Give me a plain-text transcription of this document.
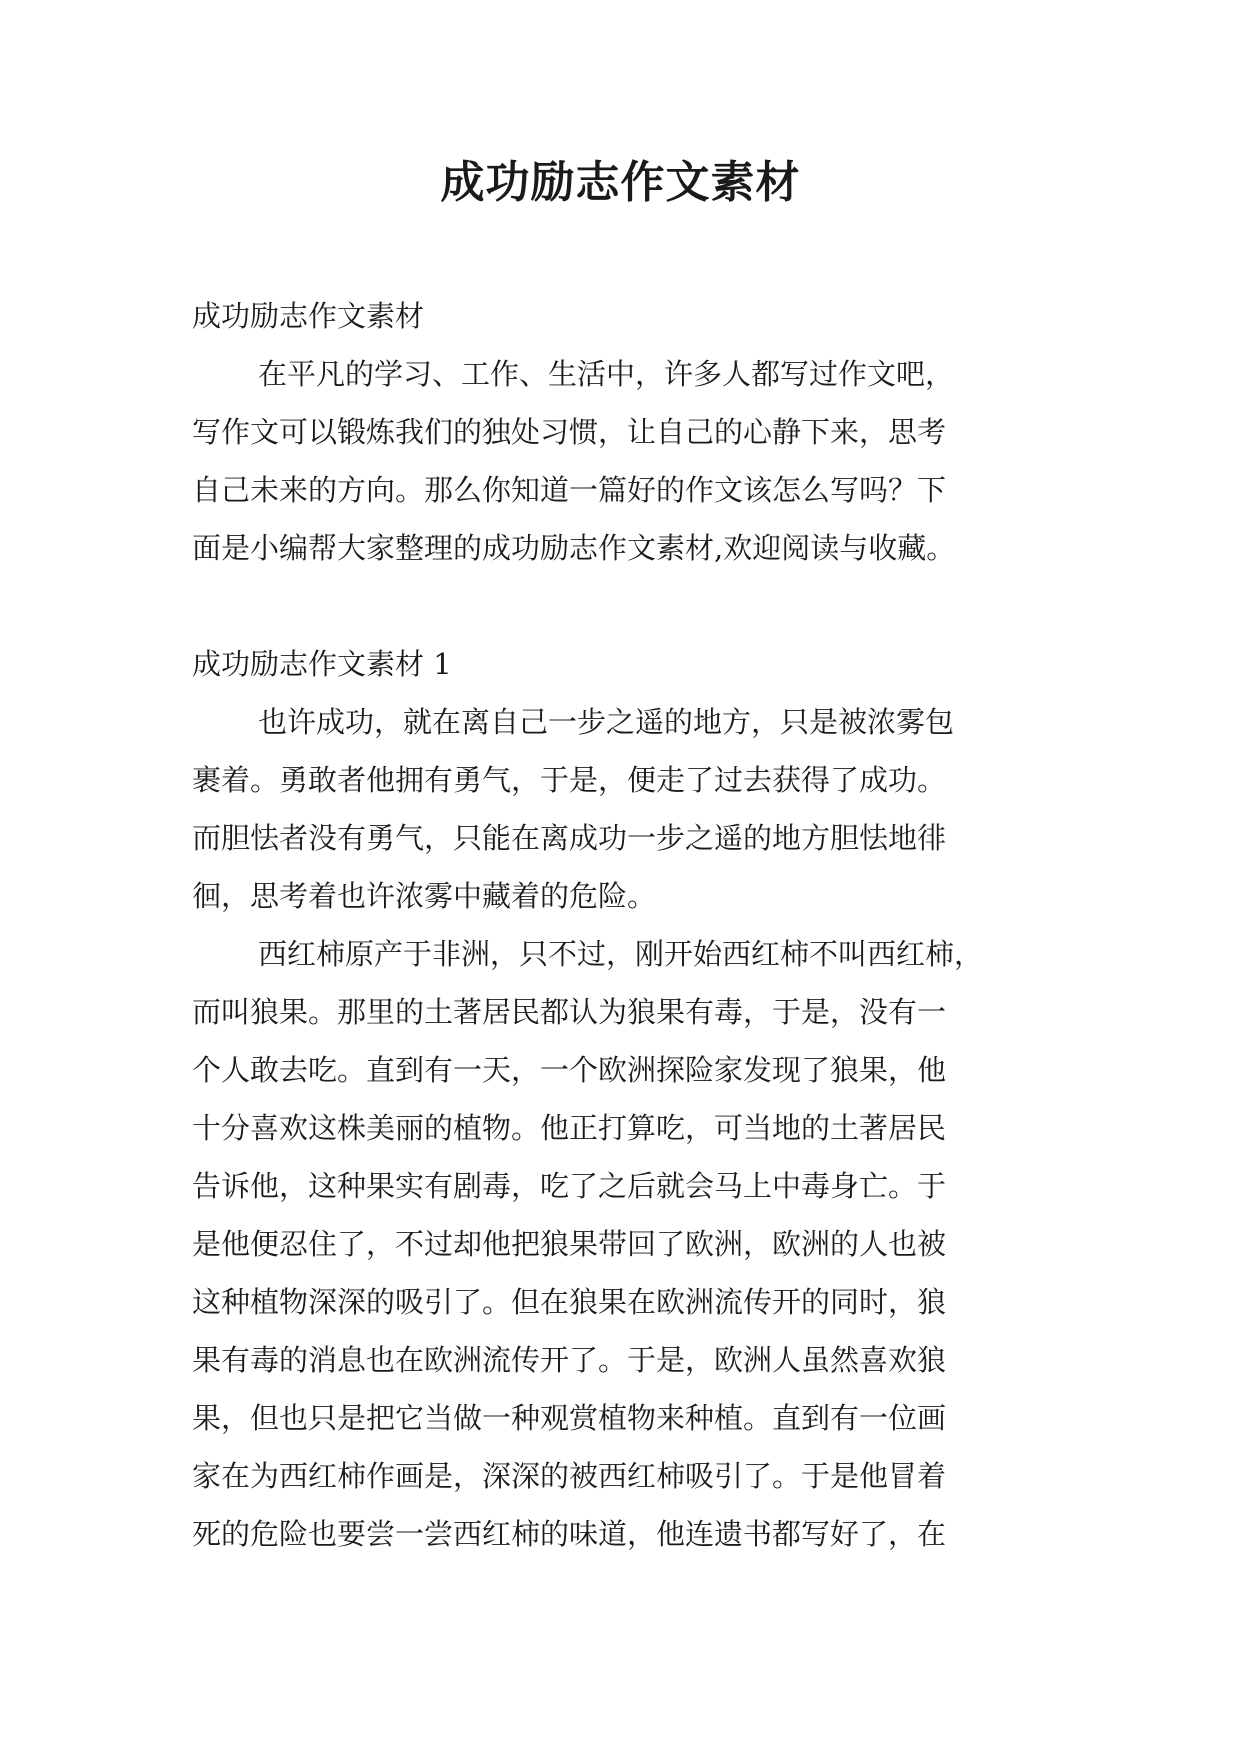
成功励志作文素材

成功励志作文素材

在平凡的学习、工作、生活中，许多人都写过作文吧，

写作文可以锻炼我们的独处习惯，让自己的心静下来，思考

自己未来的方向。那么你知道一篇好的作文该怎么写吗？下

面是小编帮大家整理的成功励志作文素材,欢迎阅读与收藏。

成功励志作文素材 1

也许成功，就在离自己一步之遥的地方，只是被浓雾包

裹着。勇敢者他拥有勇气，于是，便走了过去获得了成功。

而胆怯者没有勇气，只能在离成功一步之遥的地方胆怯地徘

徊，思考着也许浓雾中藏着的危险。

西红柿原产于非洲，只不过，刚开始西红柿不叫西红柿，

而叫狼果。那里的土著居民都认为狼果有毒，于是，没有一

个人敢去吃。直到有一天，一个欧洲探险家发现了狼果，他

十分喜欢这株美丽的植物。他正打算吃，可当地的土著居民

告诉他，这种果实有剧毒，吃了之后就会马上中毒身亡。于

是他便忍住了，不过却他把狼果带回了欧洲，欧洲的人也被

这种植物深深的吸引了。但在狼果在欧洲流传开的同时，狼

果有毒的消息也在欧洲流传开了。于是，欧洲人虽然喜欢狼

果，但也只是把它当做一种观赏植物来种植。直到有一位画

家在为西红柿作画是，深深的被西红柿吸引了。于是他冒着

死的危险也要尝一尝西红柿的味道，他连遗书都写好了，在
